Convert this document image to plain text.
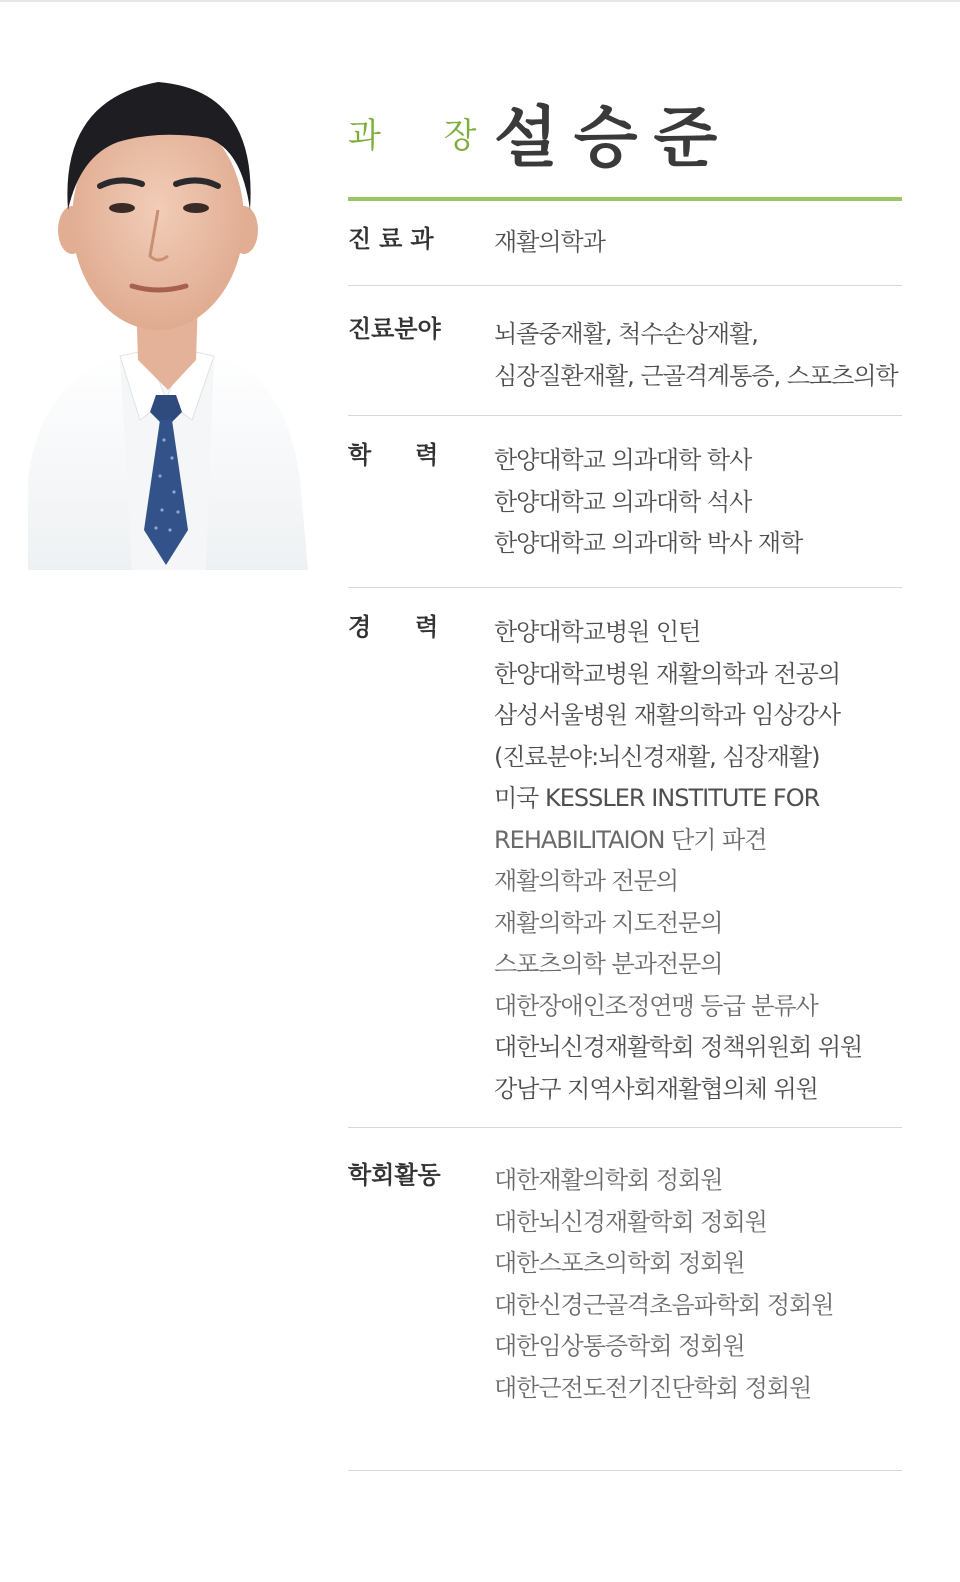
과 장
설승준
진료과 재활의학과
진료분야 뇌졸중재활, 척수손상재활,
심장질환재활, 근골격계통증, 스포츠의학
학력 한양대학교 의과대학 학사
한양대학교 의과대학 석사
한양대학교 의과대학 박사 재학
경력 한양대학교병원 인턴
한양대학교병원 재활의학과 전공의
삼성서울병원 재활의학과 임상강사
(진료분야:뇌신경재활, 심장재활)
미국 KESSLER INSTITUTE FOR
REHABILITAION 단기 파견
재활의학과 전문의
재활의학과 지도전문의
스포츠의학 분과전문의
대한장애인조정연맹 등급 분류사
대한뇌신경재활학회 정책위원회 위원
강남구 지역사회재활협의체 위원
학회활동 대한재활의학회 정회원
대한뇌신경재활학회 정회원
대한스포츠의학회 정회원
대한신경근골격초음파학회 정회원
대한임상통증학회 정회원
대한근전도전기진단학회 정회원
